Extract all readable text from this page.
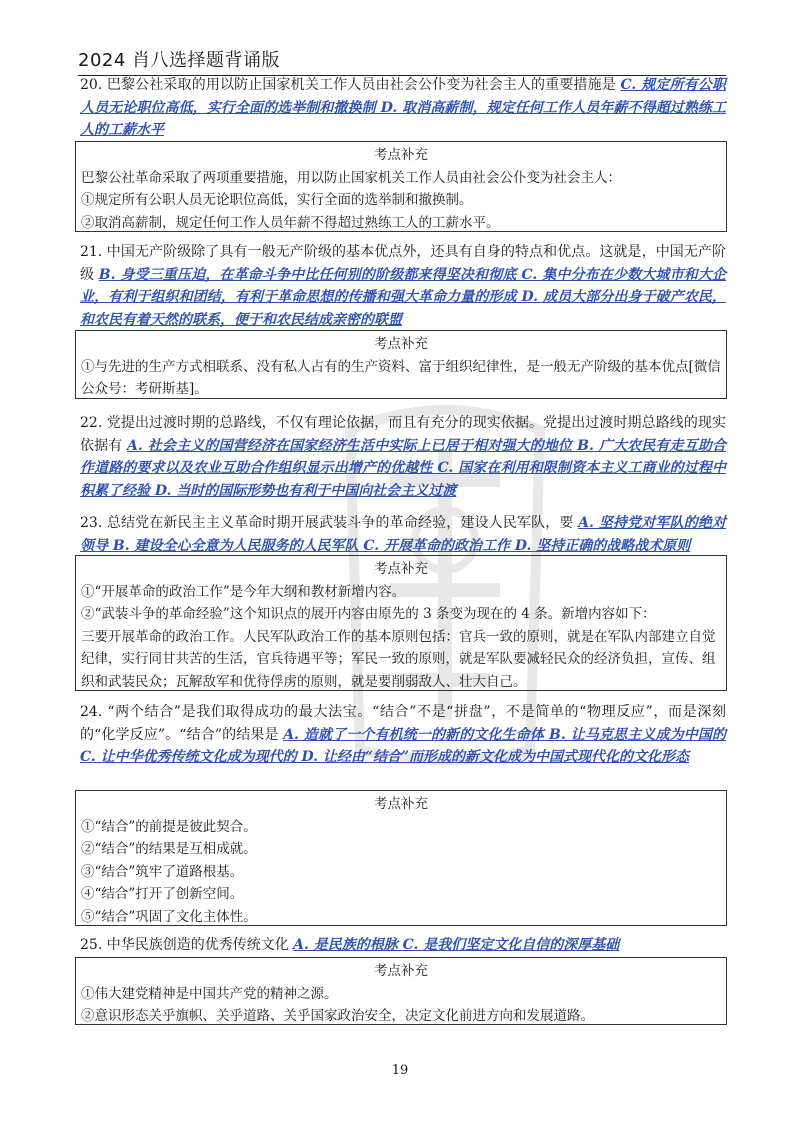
2024 肖八选择题背诵版
20. 巴黎公社采取的用以防止国家机关工作人员由社会公仆变为社会主人的重要措施是 C. 规定所有公职人员无论职位高低，实行全面的选举制和撤换制 D. 取消高薪制，规定任何工作人员年薪不得超过熟练工人的工薪水平
考点补充
巴黎公社革命采取了两项重要措施，用以防止国家机关工作人员由社会公仆变为社会主人：
①规定所有公职人员无论职位高低，实行全面的选举制和撤换制。
②取消高薪制，规定任何工作人员年薪不得超过熟练工人的工薪水平。
21. 中国无产阶级除了具有一般无产阶级的基本优点外，还具有自身的特点和优点。这就是，中国无产阶级 B. 身受三重压迫，在革命斗争中比任何别的阶级都来得坚决和彻底 C. 集中分布在少数大城市和大企业，有利于组织和团结，有利于革命思想的传播和强大革命力量的形成 D. 成员大部分出身于破产农民，和农民有着天然的联系，便于和农民结成亲密的联盟
考点补充
①与先进的生产方式相联系、没有私人占有的生产资料、富于组织纪律性，是一般无产阶级的基本优点[微信公众号：考研斯基]。
22. 党提出过渡时期的总路线，不仅有理论依据，而且有充分的现实依据。党提出过渡时期总路线的现实依据有 A. 社会主义的国营经济在国家经济生活中实际上已居于相对强大的地位 B. 广大农民有走互助合作道路的要求以及农业互助合作组织显示出增产的优越性 C. 国家在利用和限制资本主义工商业的过程中积累了经验 D. 当时的国际形势也有利于中国向社会主义过渡
23. 总结党在新民主主义革命时期开展武装斗争的革命经验，建设人民军队，要 A. 坚持党对军队的绝对领导 B. 建设全心全意为人民服务的人民军队 C. 开展革命的政治工作 D. 坚持正确的战略战术原则
考点补充
①“开展革命的政治工作”是今年大纲和教材新增内容。
②“武装斗争的革命经验”这个知识点的展开内容由原先的 3 条变为现在的 4 条。新增内容如下：
三要开展革命的政治工作。人民军队政治工作的基本原则包括：官兵一致的原则，就是在军队内部建立自觉纪律，实行同甘共苦的生活，官兵待遇平等；军民一致的原则，就是军队要减轻民众的经济负担，宣传、组织和武装民众；瓦解敌军和优待俘虏的原则，就是要削弱敌人、壮大自己。
24. “两个结合”是我们取得成功的最大法宝。“结合”不是“拼盘”，不是简单的“物理反应”，而是深刻的“化学反应”。“结合”的结果是 A. 造就了一个有机统一的新的文化生命体 B. 让马克思主义成为中国的 C. 让中华优秀传统文化成为现代的 D. 让经由“结合”而形成的新文化成为中国式现代化的文化形态
考点补充
①“结合”的前提是彼此契合。
②“结合”的结果是互相成就。
③“结合”筑牢了道路根基。
④“结合”打开了创新空间。
⑤“结合”巩固了文化主体性。
25. 中华民族创造的优秀传统文化 A. 是民族的根脉 C. 是我们坚定文化自信的深厚基础
考点补充
①伟大建党精神是中国共产党的精神之源。
②意识形态关乎旗帜、关乎道路、关乎国家政治安全，决定文化前进方向和发展道路。
19
